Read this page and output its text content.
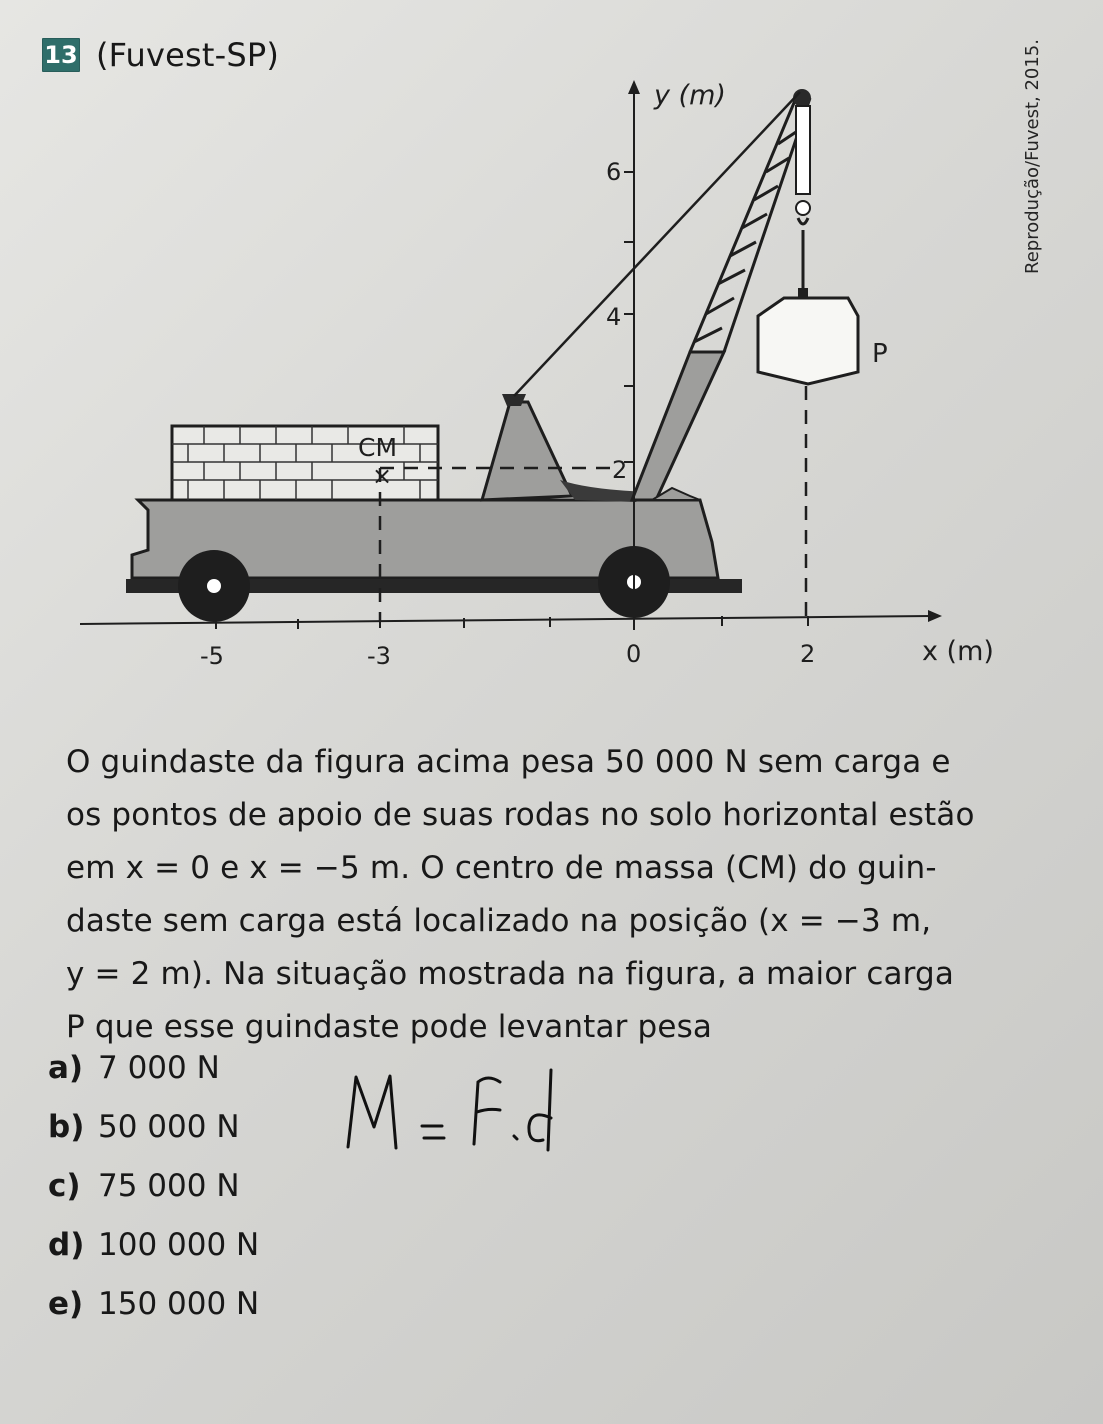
13 (Fuvest-SP)	Reprodução/Fuvest, 2015.
×
y (m)
x (m)
6
4
2
-5	-3	0	2
CM
P
O guindaste da figura acima pesa 50 000 N sem carga e
os pontos de apoio de suas rodas no solo horizontal estão
em x = 0 e x = −5 m. O centro de massa (CM) do guin-
daste sem carga está localizado na posição (x = −3 m,
y = 2 m). Na situação mostrada na figura, a maior carga
P que esse guindaste pode levantar pesa
a) 7 000 N
b) 50 000 N
c) 75 000 N
d) 100 000 N
e) 150 000 N
M = F . d
